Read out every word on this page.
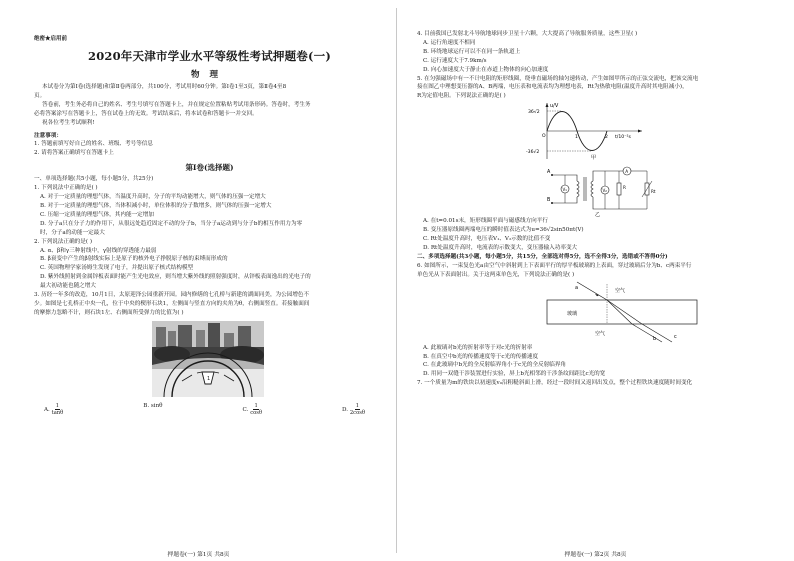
绝密★启用前
2020年天津市学业水平等级性考试押题卷(一)
物理
本试卷分为第Ⅰ卷(选择题)和第Ⅱ卷两部分，共100分，考试用时60分钟。第Ⅰ卷1至3页，第Ⅱ卷4至8
页。
答卷前，考生务必将自己的姓名、考生号填写在答题卡上，并在规定位置粘贴考试用条形码。答卷时，考生务
必将答案涂写在答题卡上，答在试卷上的无效。考试结束后，将本试卷和答题卡一并交回。
祝各位考生考试顺利!
注意事项：
1. 答题前填写好自己的姓名、班级、考号等信息
2. 请将答案正确填写在答题卡上
第Ⅰ卷(选择题)
一、单项选择题(共5小题，每小题5分，共25分)
1. 下列说法中正确的是( )
A. 对于一定质量的理想气体，当温度升高时，分子的平均动能增大，则气体的压强一定增大
B. 对于一定质量的理想气体，当体积减小时，单位体积的分子数增多，则气体的压强一定增大
C. 压缩一定质量的理想气体，其内能一定增加
D. 分子a只在分子力的作用下，从很远处趋近固定不动的分子b，当分子a运动到与分子b的相互作用力为零
时，分子a的动能一定最大
2. 下列说法正确的是( )
A. α、β和γ三种射线中，γ射线的穿透能力最弱
B. β衰变中产生的β射线实际上是原子的核外电子挣脱原子核的束缚而形成的
C. 英国物理学家汤姆生发现了电子，并提出原子核式结构模型
D. 紫外线照射到金属锌板表面时能产生光电效应，则当增大紫外线的照射强度时，从锌板表面逸出的光电子的
最大初动能也随之增大
3. 历经一年多的改造，10月1日，太原迎泽公园重新开园。园内修缮的七孔桥与新建的湖面同美，为公园增色不
少。如图是七孔桥正中央一孔，位于中央的楔形石块1，左侧面与竖直方向的夹角为θ，右侧面竖直。若接触面间
的摩擦力忽略不计，则石块1左、右侧面所受弹力的比值为( )
1
A. $\frac{1}{\tan\theta}$	B. sinθ
C. $\frac{1}{\cos\theta}$	D. $\frac{1}{2\cos\theta}$
押题卷(一) 第1页 共8页
4. 目前我国已发射北斗导航地球同步卫星十六颗，大大提高了导航服务质量，这些卫星( )
A. 运行角速度不相同
B. 环绕地球运行可以不在同一条轨道上
C. 运行速度大于7.9km/s
D. 向心加速度大于静止在赤道上物体的向心加速度
5. 在匀强磁场中有一不计电阻的矩形线圈，绕垂直磁场的轴匀速转动，产生如图甲所示的正弦交流电，把该交流电
接在图乙中理想变压器的A、B两端，电压表和电流表均为理想电表，Rt为热敏电阻(温度升高时其电阻减小)，
R为定值电阻。下列说法正确的是( )
u/V
36√2
-36√2
O	1	2 t/10⁻²s
甲
A
B
V₁	V₂
A
R
Rt
乙
A. 在t=0.01s末，矩形线圈平面与磁感线方向平行
B. 变压器原线圈两端电压的瞬时值表达式为u=36√2sin50πt(V)
C. Rt处温度升高时，电压表V₁、V₂示数的比值不变
D. Rt处温度升高时，电流表的示数变大，变压器输入功率变大
二、多项选择题(共3小题，每小题5分，共15分，全部选对得5分，选不全得3分，选错或不答得0分)
6. 如图所示，一束复色光a由空气中斜射到上下表面平行的厚平板玻璃的上表面，穿过玻璃后分为b、c两束平行
单色光从下表面射出。关于这两束单色光，下列说法正确的是( )
a	空气
玻璃
空气
b	c
A. 此玻璃对b光的折射率等于对c光的折射率
B. 在真空中b光的传播速度等于c光的传播速度
C. 在此玻璃中b光的全反射临界角小于c光的全反射临界角
D. 用同一双缝干涉装置进行实验，屏上b光相邻的干涉条纹间距比c光的宽
7. 一个质量为m的铁块以初速度v₀沿粗糙斜面上滑，经过一段时间又返回出发点，整个过程铁块速度随时间变化
押题卷(一) 第2页 共8页
